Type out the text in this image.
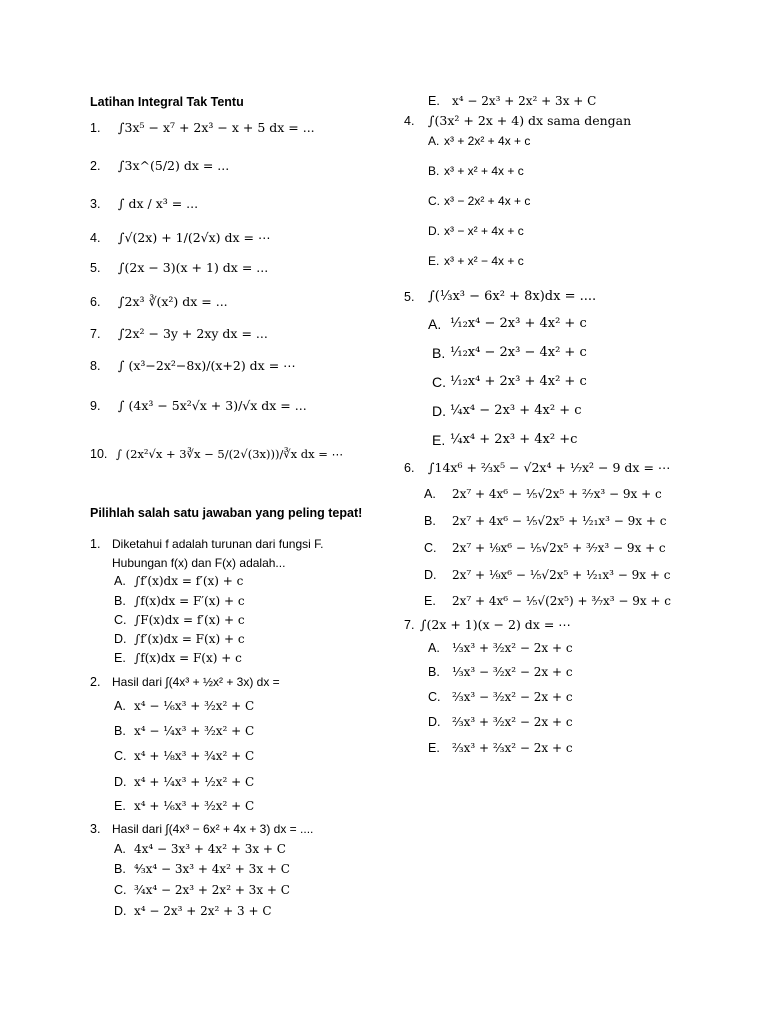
Latihan Integral Tak Tentu
1. ∫3x⁵ − x⁷ + 2x³ − x + 5 dx = ...
2. ∫3x^(5/2) dx = ...
3. ∫ dx / x³ = ...
4. ∫√(2x) + 1/(2√x) dx = ⋯
5. ∫(2x − 3)(x + 1) dx = ...
6. ∫2x³ ∛(x²) dx = ...
7. ∫2x² − 3y + 2xy dx = ...
8. ∫ (x³−2x²−8x)/(x+2) dx = ⋯
9. ∫ (4x³ − 5x²√x + 3)/√x dx = ...
10. ∫ (2x²√x + 3∛x − 5/(2√(3x)))/∛x dx = ⋯
Pilihlah salah satu jawaban yang peling tepat!
1. Diketahui f adalah turunan dari fungsi F.
Hubungan f(x) dan F(x) adalah...
A. ∫f′(x)dx = f′(x) + c
B. ∫f(x)dx = F′(x) + c
C. ∫F(x)dx = f′(x) + c
D. ∫f′(x)dx = F(x) + c
E. ∫f(x)dx = F(x) + c
2. Hasil dari ∫(4x³ + ½x² + 3x) dx =
A. x⁴ − ⅙x³ + ³⁄₂x² + C
B. x⁴ − ¼x³ + ³⁄₂x² + C
C. x⁴ + ⅛x³ + ¾x² + C
D. x⁴ + ¼x³ + ½x² + C
E. x⁴ + ⅙x³ + ³⁄₂x² + C
3. Hasil dari ∫(4x³ − 6x² + 4x + 3) dx = ....
A. 4x⁴ − 3x³ + 4x² + 3x + C
B. ⁴⁄₃x⁴ − 3x³ + 4x² + 3x + C
C. ¾x⁴ − 2x³ + 2x² + 3x + C
D. x⁴ − 2x³ + 2x² + 3 + C
E. x⁴ − 2x³ + 2x² + 3x + C
4. ∫(3x² + 2x + 4) dx sama dengan
A. x³ + 2x² + 4x + c
B. x³ + x² + 4x + c
C. x³ − 2x² + 4x + c
D. x³ − x² + 4x + c
E. x³ + x² − 4x + c
5. ∫(⅓x³ − 6x² + 8x)dx = ....
A. ¹⁄₁₂x⁴ − 2x³ + 4x² + c
B. ¹⁄₁₂x⁴ − 2x³ − 4x² + c
C. ¹⁄₁₂x⁴ + 2x³ + 4x² + c
D. ¼x⁴ − 2x³ + 4x² + c
E. ¼x⁴ + 2x³ + 4x² +c
6. ∫14x⁶ + ⅔x⁵ − √2x⁴ + ⅐x² − 9 dx = ⋯
A. 2x⁷ + 4x⁶ − ⅕√2x⁵ + ²⁄₇x³ − 9x + c
B. 2x⁷ + 4x⁶ − ⅕√2x⁵ + ¹⁄₂₁x³ − 9x + c
C. 2x⁷ + ⅑x⁶ − ⅕√2x⁵ + ³⁄₇x³ − 9x + c
D. 2x⁷ + ⅑x⁶ − ⅕√2x⁵ + ¹⁄₂₁x³ − 9x + c
E. 2x⁷ + 4x⁶ − ⅕√(2x⁵) + ³⁄₇x³ − 9x + c
7. ∫(2x + 1)(x − 2) dx = ⋯
A. ⅓x³ + ³⁄₂x² − 2x + c
B. ⅓x³ − ³⁄₂x² − 2x + c
C. ⅔x³ − ³⁄₂x² − 2x + c
D. ⅔x³ + ³⁄₂x² − 2x + c
E. ⅔x³ + ⅔x² − 2x + c
